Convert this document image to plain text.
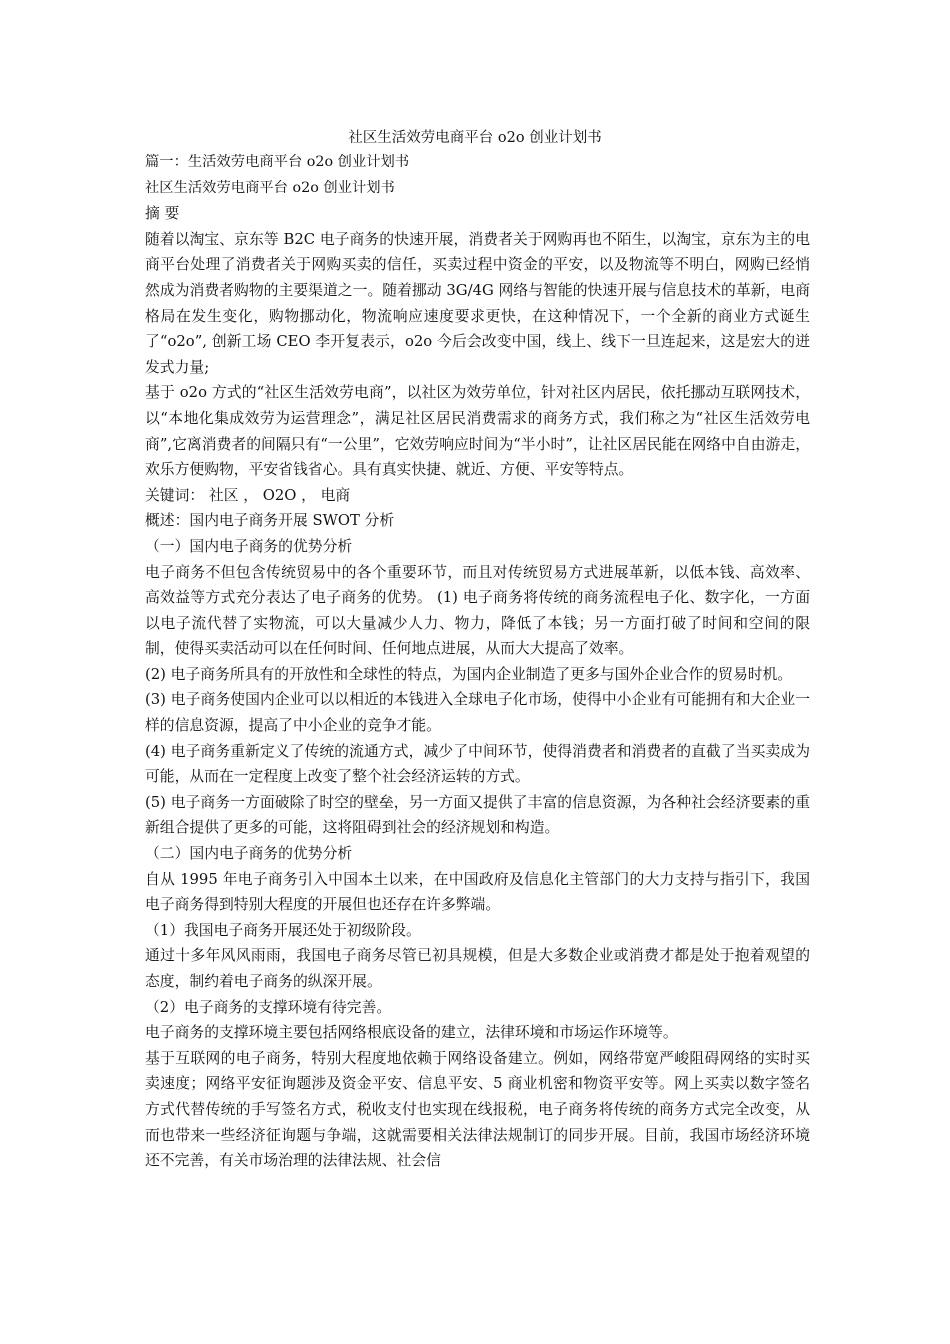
社区生活效劳电商平台 o2o 创业计划书

篇一：生活效劳电商平台 o2o 创业计划书

社区生活效劳电商平台 o2o 创业计划书

摘 要

随着以淘宝、京东等 B2C 电子商务的快速开展，消费者关于网购再也不陌生，以淘宝，京东为主的电商平台处理了消费者关于网购买卖的信任，买卖过程中资金的平安，以及物流等不明白，网购已经悄然成为消费者购物的主要渠道之一。随着挪动 3G/4G 网络与智能的快速开展与信息技术的革新，电商格局在发生变化，购物挪动化，物流响应速度要求更快，在这种情况下，一个全新的商业方式诞生了“o2o”, 创新工场 CEO 李开复表示，o2o 今后会改变中国，线上、线下一旦连起来，这是宏大的迸发式力量;

基于 o2o 方式的“社区生活效劳电商”，以社区为效劳单位，针对社区内居民，依托挪动互联网技术，以“本地化集成效劳为运营理念”，满足社区居民消费需求的商务方式，我们称之为“社区生活效劳电商”,它离消费者的间隔只有“一公里”，它效劳响应时间为“半小时”，让社区居民能在网络中自由游走，欢乐方便购物，平安省钱省心。具有真实快捷、就近、方便、平安等特点。

关键词： 社区 ， O2O ， 电商

概述：国内电子商务开展 SWOT 分析

（一）国内电子商务的优势分析

电子商务不但包含传统贸易中的各个重要环节，而且对传统贸易方式进展革新，以低本钱、高效率、高效益等方式充分表达了电子商务的优势。 (1) 电子商务将传统的商务流程电子化、数字化，一方面以电子流代替了实物流，可以大量减少人力、物力，降低了本钱；另一方面打破了时间和空间的限制，使得买卖活动可以在任何时间、任何地点进展，从而大大提高了效率。

(2) 电子商务所具有的开放性和全球性的特点，为国内企业制造了更多与国外企业合作的贸易时机。

(3) 电子商务使国内企业可以以相近的本钱进入全球电子化市场，使得中小企业有可能拥有和大企业一样的信息资源，提高了中小企业的竞争才能。

(4) 电子商务重新定义了传统的流通方式，减少了中间环节，使得消费者和消费者的直截了当买卖成为可能，从而在一定程度上改变了整个社会经济运转的方式。

(5) 电子商务一方面破除了时空的壁垒，另一方面又提供了丰富的信息资源，为各种社会经济要素的重新组合提供了更多的可能，这将阻碍到社会的经济规划和构造。

（二）国内电子商务的优势分析

自从 1995 年电子商务引入中国本土以来，在中国政府及信息化主管部门的大力支持与指引下，我国电子商务得到特别大程度的开展但也还存在许多弊端。

（1）我国电子商务开展还处于初级阶段。

通过十多年风风雨雨，我国电子商务尽管已初具规模，但是大多数企业或消费才都是处于抱着观望的态度，制约着电子商务的纵深开展。

（2）电子商务的支撑环境有待完善。

电子商务的支撑环境主要包括网络根底设备的建立，法律环境和市场运作环境等。

基于互联网的电子商务，特别大程度地依赖于网络设备建立。例如，网络带宽严峻阻碍网络的实时买卖速度；网络平安征询题涉及资金平安、信息平安、5 商业机密和物资平安等。网上买卖以数字签名方式代替传统的手写签名方式，税收支付也实现在线报税，电子商务将传统的商务方式完全改变，从而也带来一些经济征询题与争端，这就需要相关法律法规制订的同步开展。目前，我国市场经济环境还不完善，有关市场治理的法律法规、社会信
